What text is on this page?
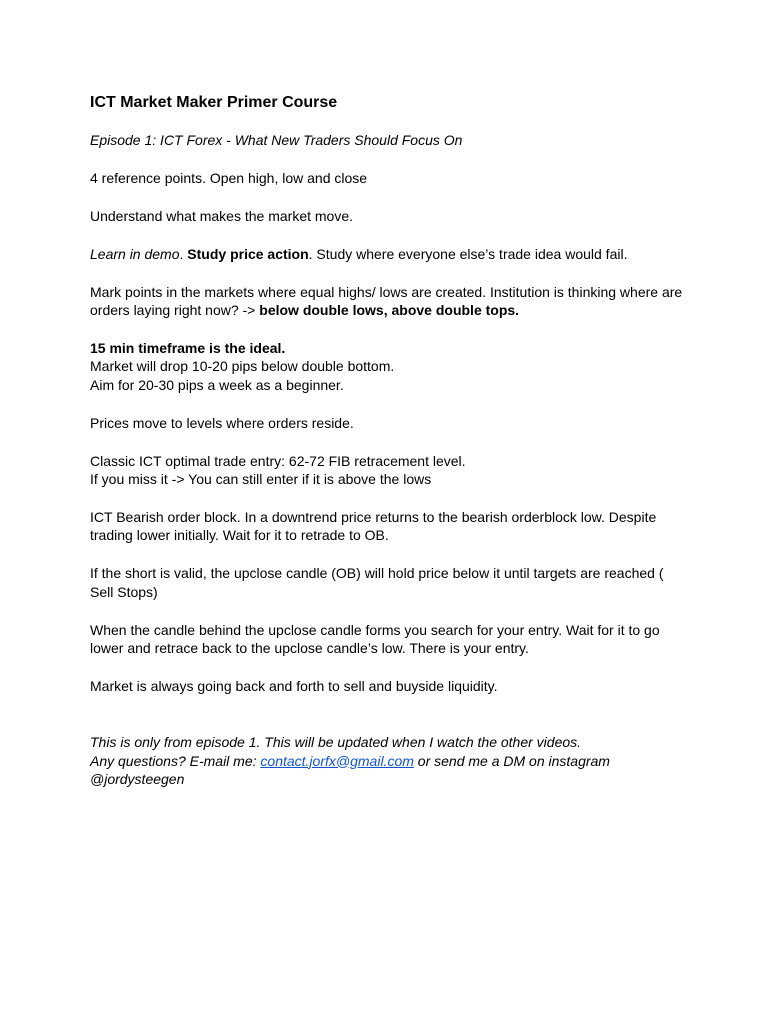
ICT Market Maker Primer Course
Episode 1: ICT Forex - What New Traders Should Focus On
4 reference points. Open high, low and close
Understand what makes the market move.
Learn in demo. Study price action. Study where everyone else’s trade idea would fail.
Mark points in the markets where equal highs/ lows are created. Institution is thinking where are orders laying right now? -> below double lows, above double tops.
15 min timeframe is the ideal.
Market will drop 10-20 pips below double bottom.
Aim for 20-30 pips a week as a beginner.
Prices move to levels where orders reside.
Classic ICT optimal trade entry: 62-72 FIB retracement level.
If you miss it -> You can still enter if it is above the lows
ICT Bearish order block. In a downtrend price returns to the bearish orderblock low. Despite trading lower initially. Wait for it to retrade to OB.
If the short is valid, the upclose candle (OB) will hold price below it until targets are reached ( Sell Stops)
When the candle behind the upclose candle forms you search for your entry. Wait for it to go lower and retrace back to the upclose candle’s low. There is your entry.
Market is always going back and forth to sell and buyside liquidity.
This is only from episode 1. This will be updated when I watch the other videos.
Any questions? E-mail me: contact.jorfx@gmail.com or send me a DM on instagram
@jordysteegen
